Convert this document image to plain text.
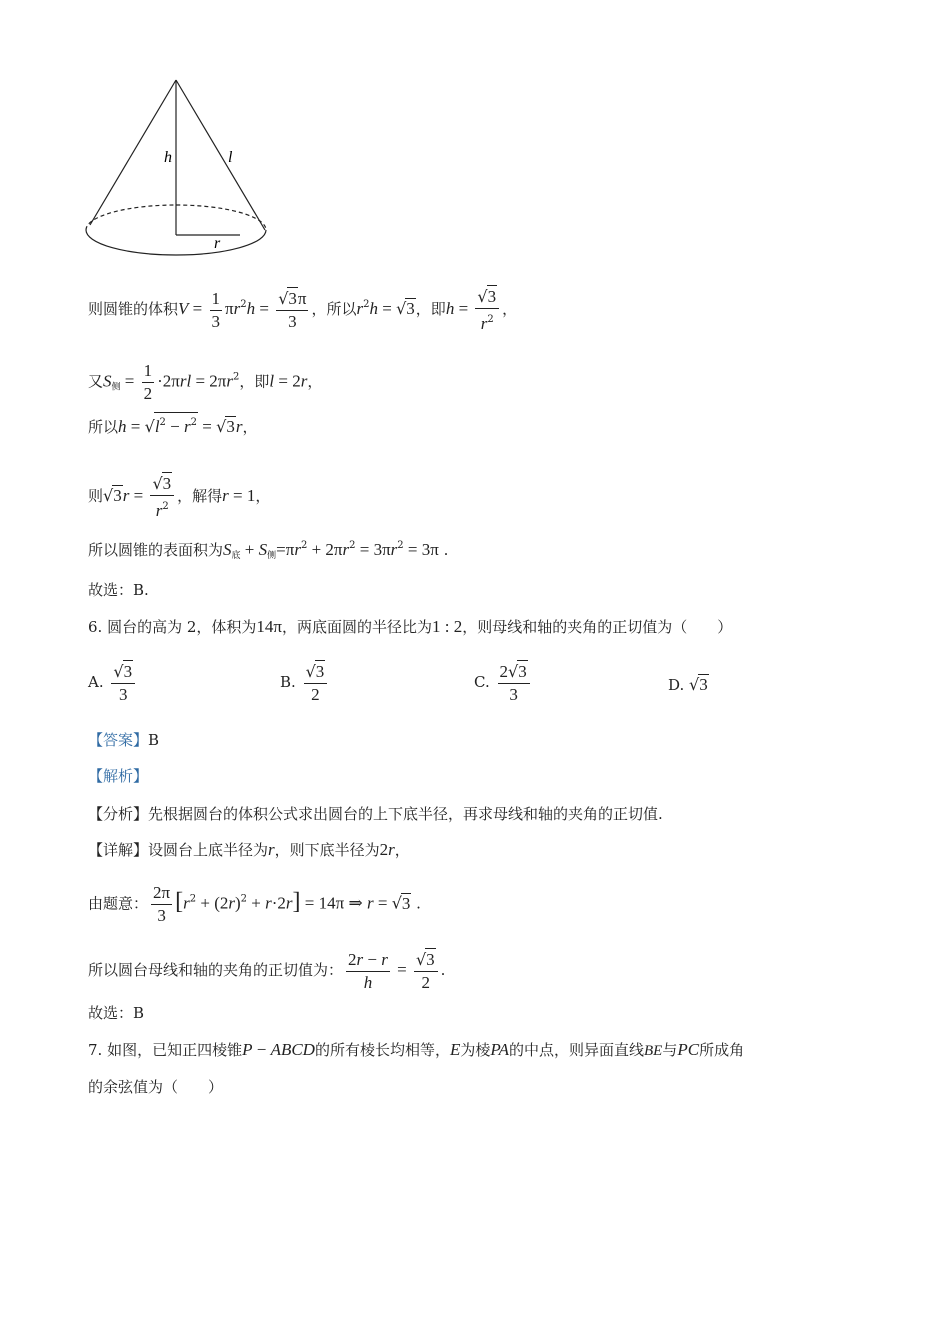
h	l
r
则圆锥的体积$V = \frac{1}{3} \pi r^2h = \frac{√3\pi}{3}$ ，所以$r^2h = √3$，即$h = \frac{√3}{r^2}$ ，
又$S_侧 = \frac{1}{2} \cdot 2\pi rl = 2\pi r^2$，即l = 2r，
所以$h = √l^2 - r^2 = √3r$，
则$√3r = \frac{√3}{r^2}$ ，解得r = 1，
所以圆锥的表面积为$S_底 + S_侧=\pi r^2 + 2\pi r^2 = 3\pi r^2 = 3\pi$ .
故选：B.
6. 圆台的高为 2，体积为14π，两底面圆的半径比为1 : 2，则母线和轴的夹角的正切值为（　　）
A. $\frac{√3}{3}$	B. $\frac{√3}{2}$	C. $\frac{2√3}{3}$	D. √3
【答案】B
【解析】
【分析】先根据圆台的体积公式求出圆台的上下底半径，再求母线和轴的夹角的正切值.
【详解】设圆台上底半径为r，则下底半径为2r，
由题意： $\frac{2\pi}{3} [r^2 + (2r)^2 + r\cdot 2r] = 14\pi$ ⇒ r = √3 .
所以圆台母线和轴的夹角的正切值为： $\frac{2r - r}{h} = \frac{√3}{2}$ .
故选：B
7. 如图，已知正四棱锥P − ABCD的所有棱长均相等，E为棱PA的中点，则异面直线BE与PC所成角
的余弦值为（　　）
